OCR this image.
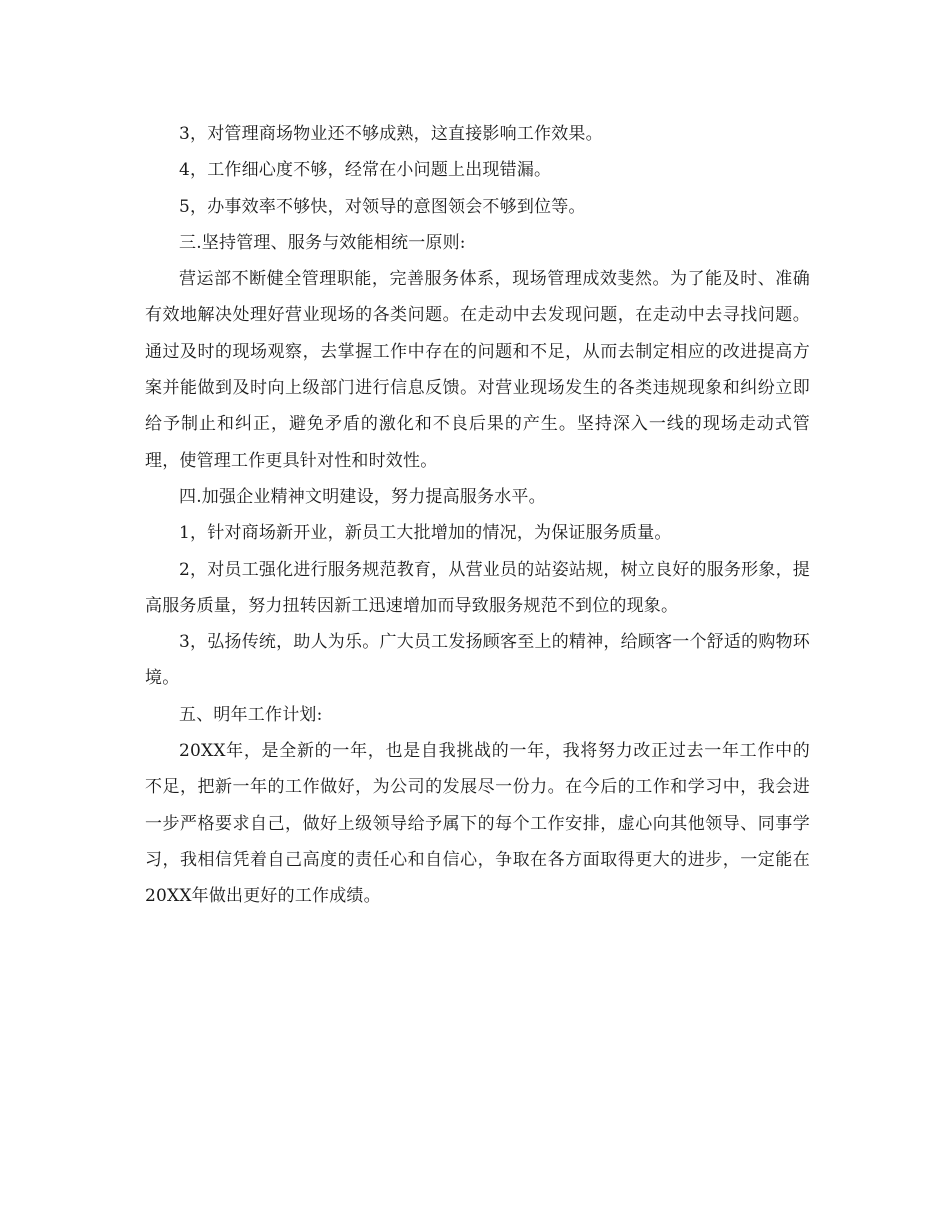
3，对管理商场物业还不够成熟，这直接影响工作效果。

4，工作细心度不够，经常在小问题上出现错漏。

5，办事效率不够快，对领导的意图领会不够到位等。

三.坚持管理、服务与效能相统一原则:

营运部不断健全管理职能，完善服务体系，现场管理成效斐然。为了能及时、准确有效地解决处理好营业现场的各类问题。在走动中去发现问题，在走动中去寻找问题。通过及时的现场观察，去掌握工作中存在的问题和不足，从而去制定相应的改进提高方案并能做到及时向上级部门进行信息反馈。对营业现场发生的各类违规现象和纠纷立即给予制止和纠正，避免矛盾的激化和不良后果的产生。坚持深入一线的现场走动式管理，使管理工作更具针对性和时效性。

四.加强企业精神文明建设，努力提高服务水平。

1，针对商场新开业，新员工大批增加的情况，为保证服务质量。

2，对员工强化进行服务规范教育，从营业员的站姿站规，树立良好的服务形象，提高服务质量，努力扭转因新工迅速增加而导致服务规范不到位的现象。

3，弘扬传统，助人为乐。广大员工发扬顾客至上的精神，给顾客一个舒适的购物环境。

五、明年工作计划:

20XX年，是全新的一年，也是自我挑战的一年，我将努力改正过去一年工作中的不足，把新一年的工作做好，为公司的发展尽一份力。在今后的工作和学习中，我会进一步严格要求自己，做好上级领导给予属下的每个工作安排，虚心向其他领导、同事学习，我相信凭着自己高度的责任心和自信心，争取在各方面取得更大的进步，一定能在20XX年做出更好的工作成绩。
